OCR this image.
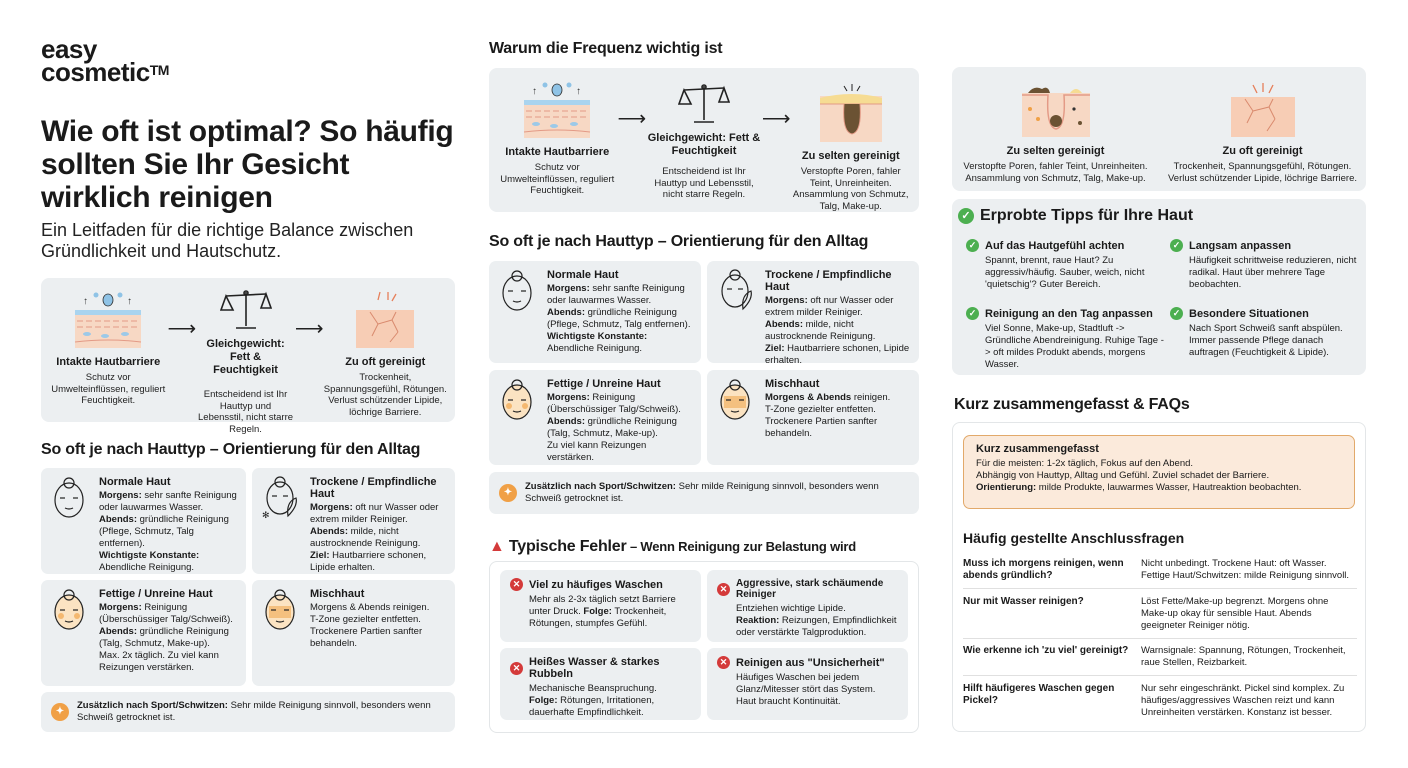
easy
cosmetic™
Wie oft ist optimal? So häufig sollten Sie Ihr Gesicht wirklich reinigen

Ein Leitfaden für die richtige Balance zwischen Gründlichkeit und Hautschutz.

↑	↑
Intakte Hautbarriere
Schutz vor Umwelteinflüssen, reguliert Feuchtigkeit.
⟶
Gleichgewicht: Fett & Feuchtigkeit
Entscheidend ist Ihr Hauttyp und Lebensstil, nicht starre Regeln.
⟶
Zu oft gereinigt
Trockenheit, Spannungsgefühl, Rötungen. Verlust schützender Lipide, löchrige Barriere.
So oft je nach Hauttyp – Orientierung für den Alltag
Normale Haut
Morgens: sehr sanfte Reinigung oder lauwarmes Wasser.
Abends: gründliche Reinigung (Pflege, Schmutz, Talg entfernen).
Wichtigste Konstante: Abendliche Reinigung.
✻
Trockene / Empfindliche Haut
Morgens: oft nur Wasser oder extrem milder Reiniger.
Abends: milde, nicht austrocknende Reinigung.
Ziel: Hautbarriere schonen, Lipide erhalten.
Fettige / Unreine Haut
Morgens: Reinigung (Überschüssiger Talg/Schweiß).
Abends: gründliche Reinigung (Talg, Schmutz, Make-up).
Max. 2x täglich. Zu viel kann Reizungen verstärken.
Mischhaut
Morgens & Abends reinigen.
T-Zone gezielter entfetten.
Trockenere Partien sanfter behandeln.
✦
Zusätzlich nach Sport/Schwitzen: Sehr milde Reinigung sinnvoll, besonders wenn Schweiß getrocknet ist.
Warum die Frequenz wichtig ist
↑	↑
Intakte Hautbarriere
Schutz vor Umwelteinflüssen, reguliert Feuchtigkeit.
⟶
Gleichgewicht: Fett & Feuchtigkeit
Entscheidend ist Ihr Hauttyp und Lebensstil, nicht starre Regeln.
⟶
Zu selten gereinigt
Verstopfte Poren, fahler Teint, Unreinheiten. Ansammlung von Schmutz, Talg, Make-up.
So oft je nach Hauttyp – Orientierung für den Alltag
Normale Haut
Morgens: sehr sanfte Reinigung oder lauwarmes Wasser.
Abends: gründliche Reinigung (Pflege, Schmutz, Talg entfernen).
Wichtigste Konstante: Abendliche Reinigung.
Trockene / Empfindliche Haut
Morgens: oft nur Wasser oder extrem milder Reiniger.
Abends: milde, nicht austrocknende Reinigung.
Ziel: Hautbarriere schonen, Lipide erhalten.
Fettige / Unreine Haut
Morgens: Reinigung (Überschüssiger Talg/Schweiß).
Abends: gründliche Reinigung (Talg, Schmutz, Make-up).
Zu viel kann Reizungen verstärken.
Mischhaut
Morgens & Abends reinigen.
T-Zone gezielter entfetten.
Trockenere Partien sanfter behandeln.
✦
Zusätzlich nach Sport/Schwitzen: Sehr milde Reinigung sinnvoll, besonders wenn Schweiß getrocknet ist.
▲ Typische Fehler – Wenn Reinigung zur Belastung wird
✕ Viel zu häufiges Waschen
Mehr als 2-3x täglich setzt Barriere unter Druck. Folge: Trockenheit, Rötungen, stumpfes Gefühl.
✕ Aggressive, stark schäumende Reiniger
Entziehen wichtige Lipide.
Reaktion: Reizungen, Empfindlichkeit oder verstärkte Talgproduktion.
✕ Heißes Wasser & starkes Rubbeln
Mechanische Beanspruchung.
Folge: Rötungen, Irritationen, dauerhafte Empfindlichkeit.
✕ Reinigen aus "Unsicherheit"
Häufiges Waschen bei jedem Glanz/Mitesser stört das System.
Haut braucht Kontinuität.
Zu selten gereinigt
Verstopfte Poren, fahler Teint, Unreinheiten. Ansammlung von Schmutz, Talg, Make-up.
Zu oft gereinigt
Trockenheit, Spannungsgefühl, Rötungen. Verlust schützender Lipide, löchrige Barriere.
✓ Erprobte Tipps für Ihre Haut
✓ Auf das Hautgefühl achten
Spannt, brennt, raue Haut? Zu aggressiv/häufig. Sauber, weich, nicht 'quietschig'? Guter Bereich.
✓ Langsam anpassen
Häufigkeit schrittweise reduzieren, nicht radikal. Haut über mehrere Tage beobachten.
✓ Reinigung an den Tag anpassen
Viel Sonne, Make-up, Stadtluft -> Gründliche Abendreinigung. Ruhige Tage -> oft mildes Produkt abends, morgens Wasser.
✓ Besondere Situationen
Nach Sport Schweiß sanft abspülen. Immer passende Pflege danach auftragen (Feuchtigkeit & Lipide).
Kurz zusammengefasst & FAQs
Kurz zusammengefasst
Für die meisten: 1-2x täglich, Fokus auf den Abend.
Abhängig von Hauttyp, Alltag und Gefühl. Zuviel schadet der Barriere.
Orientierung: milde Produkte, lauwarmes Wasser, Hautreaktion beobachten.
Häufig gestellte Anschlussfragen
Muss ich morgens reinigen, wenn abends gründlich?
Nicht unbedingt. Trockene Haut: oft Wasser. Fettige Haut/Schwitzen: milde Reinigung sinnvoll.
Nur mit Wasser reinigen?	Löst Fette/Make-up begrenzt. Morgens ohne Make-up okay für sensible Haut. Abends geeigneter Reiniger nötig.
Wie erkenne ich 'zu viel' gereinigt?	Warnsignale: Spannung, Rötungen, Trockenheit, raue Stellen, Reizbarkeit.
Hilft häufigeres Waschen gegen Pickel?
Nur sehr eingeschränkt. Pickel sind komplex. Zu häufiges/aggressives Waschen reizt und kann Unreinheiten verstärken. Konstanz ist besser.
